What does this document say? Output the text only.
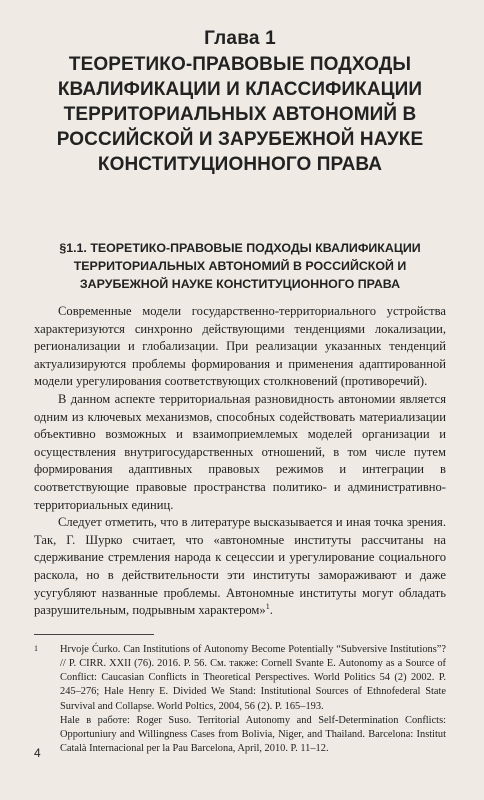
Глава 1
ТЕОРЕТИКО-ПРАВОВЫЕ ПОДХОДЫ КВАЛИФИКАЦИИ И КЛАССИФИКАЦИИ ТЕРРИТОРИАЛЬНЫХ АВТОНОМИЙ В РОССИЙСКОЙ И ЗАРУБЕЖНОЙ НАУКЕ КОНСТИТУЦИОННОГО ПРАВА
§1.1. ТЕОРЕТИКО-ПРАВОВЫЕ ПОДХОДЫ КВАЛИФИКАЦИИ ТЕРРИТОРИАЛЬНЫХ АВТОНОМИЙ В РОССИЙСКОЙ И ЗАРУБЕЖНОЙ НАУКЕ КОНСТИТУЦИОННОГО ПРАВА

Современные модели государственно-территориального устройства характеризуются синхронно действующими тенденциями локализации, регионализации и глобализации. При реализации указанных тенденций актуализируются проблемы формирования и применения адаптированной модели урегулирования соответствующих столкновений (противоречий).

В данном аспекте территориальная разновидность автономии является одним из ключевых механизмов, способных содействовать материализации объективно возможных и взаимоприемлемых моделей организации и осуществления внутригосударственных отношений, в том числе путем формирования адаптивных правовых режимов и интеграции в соответствующие правовые пространства политико- и административно-территориальных единиц.

Следует отметить, что в литературе высказывается и иная точка зрения. Так, Г. Шурко считает, что «автономные институты рассчитаны на сдерживание стремления народа к сецессии и урегулирование социального раскола, но в действительности эти институты замораживают и даже усугубляют названные проблемы. Автономные институты могут обладать разрушительным, подрывным характером»$^1$.

1	Hrvoje Ćurko. Can Institutions of Autonomy Become Potentially “Subversive Institutions”? // P. CIRR. XXII (76). 2016. P. 56. См. также: Cornell Svante E. Autonomy as a Source of Conflict: Caucasian Conflicts in Theoretical Perspectives. World Politics 54 (2) 2002. P. 245–276; Hale Henry E. Divided We Stand: Institutional Sources of Ethnofederal State Survival and Collapse. World Poltics, 2004, 56 (2). P. 165–193.
Hale в работе: Roger Suso. Territorial Autonomy and Self-Determination Conflicts: Opportuniury and Willingness Cases from Bolivia, Niger, and Thailand. Barcelona: Institut Català Internacional per la Pau Barcelona, April, 2010. P. 11–12.
4
